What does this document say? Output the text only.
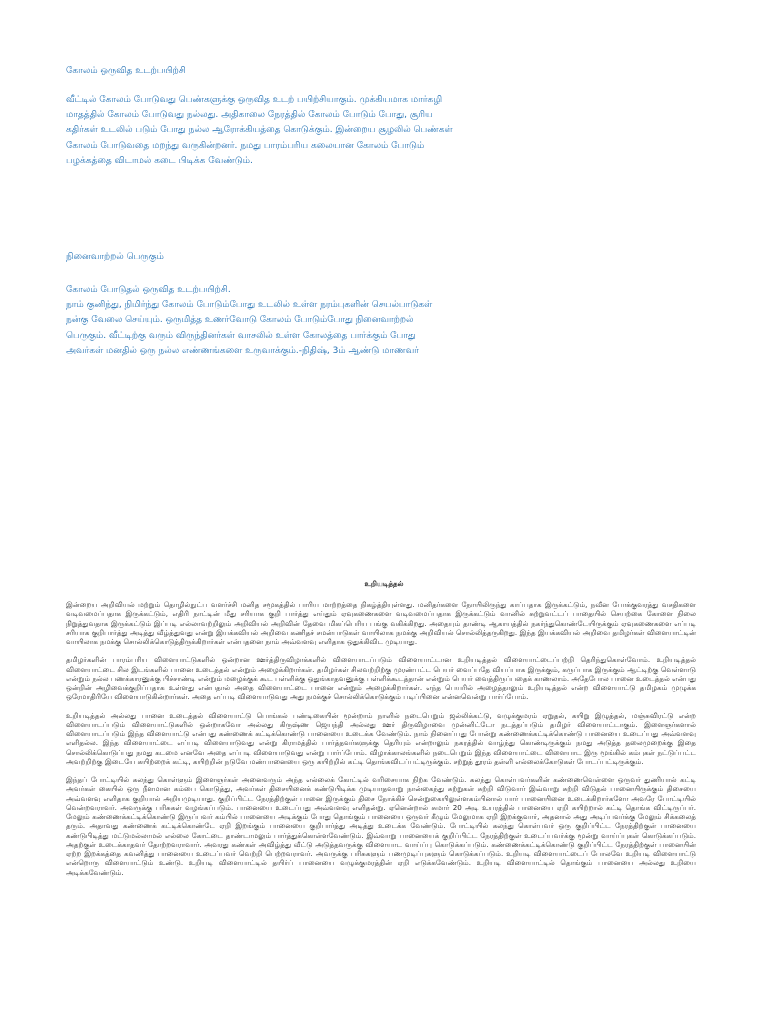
கோலம் ஒருவித உடற்பயிற்சி

வீட்டில் கோலம் போடுவது பெண்களுக்கு ஒருவித உடற் பயிற்சியாகும். முக்கியமாக மார்கழி மாதத்தில் கோலம் போடுவது நல்லது. அதிகாலை நேரத்தில் கோலம் போடும் போது, சூரிய கதிர்கள் உடலில் படும் போது நல்ல ஆரோக்கியத்தை கொடுக்கும். இன்றைய சூழலில் பெண்கள் கோலம் போடுவதை மறந்து வருகின்றனர். நமது பாரம்பரிய கலையான கோலம் போடும் பழக்கத்தை விடாமல் கடை பிடிக்க வேண்டும்.

நினைவாற்றல் பெருகும்
கோலம் போடுதல் ஒருவித உடற்பயிற்சி.
நாம் குனிந்து, நிமிர்ந்து கோலம் போடும்போது உடலில் உள்ள நரம்புகளின் செயல்பாடுகள்
நன்கு வேலை செய்யும். ஒருமித்த உணர்வோடு கோலம் போடும்போது நினைவாற்றல்
பெருகும். வீட்டிற்கு வரும் விருந்தினர்கள் வாசலில் உள்ள கோலத்தை பார்க்கும் போது
அவர்கள் மனதில் ஒரு நல்ல எண்ணங்களை உருவாக்கும்.-நிதிஷ், 3ம் ஆண்டு மாணவர்
உறியடித்தல்

இன்றைய அறிவியல் மற்றும் தொழில்நுட்ப வளர்ச்சி மனித சமூகத்தில் பாரிய மாற்றத்தை நிகழ்த்தியுள்ளது. மனிதர்களை நோயிலிருந்து காப்பதாக இருக்கட்டும், நவீன போக்குவரத்து வசதிகளை வடிவமைப்பதாக இருக்கட்டும், எதிரி நாட்டின் மீது சரியாக குறி பார்த்து எய்தும் ஏவுகணைகளை வடிவமைப்பதாக இருக்கட்டும் வானில் சுற்றுவட்டப் பாதையில் செயற்கை கோளை நிலை நிறுத்துவதாக இருக்கட்டும் இப்படி எல்லாவற்றிலும் அறிவியல் அறிவின் தேவை மிகப்பெரிய பங்கு வகிக்கிறது. அதையும் தாண்டி ஆகாயத்தில் நகர்ந்துகொண்டேயிருக்கும் ஏவுகணைகளை எப்படி சரியாக குறிபார்த்து அடித்து வீழ்த்துவது என்று இயக்கவியல் அறிவை கணிதச் சமன்பாடுகள் வாயிலாக நமக்கு அறிவியல் சொல்லித்தருகிறது. இந்த இயக்கவியல் அறிவை தமிழர்கள் விளையாட்டின் வாயிலாக நமக்கு சொல்லிக்கொடுத்திருக்கிறார்கள் என்பதனை நாம் அவ்வளவு எளிதாக ஒதுக்கிவிட முடியாது.

தமிழர்களின் பாரம்பரிய விளையாட்டுகளில் ஒன்றான ஊர்த்திருவிழாக்களில் விளையாடப்படும் விளையாட்டான உறியடித்தல் விளையாட்டைப்பற்றி தெரிந்துகொள்வோம். உறியடித்தல் விளையாட்டை சில இடங்களில் பானை உடைத்தல் என்றும் அழைக்கிறார்கள். தமிழர்கள் சிலவற்றிற்கு முரண்பட்ட பெயர் வைப்பதே வியப்பாக இருக்கும், கருப்பாக இருக்கும் ஆட்டிற்கு வெள்ளாடு என்றும் நல்ல பணக்காரனுக்கு பிச்சாண்டி என்றும் மழைக்குக் கூட பள்ளிக்கு ஒதுங்காதவனுக்கு பள்ளிக்கூடத்தான் என்றும் பெயர் வைத்திருப்பதைக் காணலாம். அதேபோல பானை உடைத்தல் என்பது ஒன்றின் அழிவைக்குறிப்பதாக உள்ளது என்பதால் அதை விளையாட்டை பானை என்றும் அழைக்கிறார்கள். எந்த பெயரில் அழைத்தாலும் உறியடித்தல் என்ற விளையாட்டு தமிழகம் முழுக்க ஒரேமாதிரியே விளையாடுகின்றார்கள். அதை எப்படி விளையாடுவது அது நமக்குச் சொல்லிக்கொடுக்கும் படிப்பினை என்னவென்று பார்ப்போம்.

உறியடித்தல் அல்லது பானை உடைத்தல் விளையாட்டு பொங்கல் பண்டிகையின் மூன்றாம் நாளில் நடைபெறும் ஜல்லிக்கட்டு, வழுக்குமரம் ஏறுதல், கயிறு இழுத்தல், மஞ்சுவிரட்டு என்ற விளையாடப்படும் விளையாட்டுகளில் ஒன்றாகவோ அல்லது கிருஷ்ண ஜெயந்தி அல்லது ஊர் திருவிழாவை முன்னிட்டோ நடத்தப்படும் தமிழர் விளையாட்டாகும். இளைஞர்களால் விளையாடப்படும் இந்த விளையாட்டு என்பது கண்ணைக் கட்டிக்கொண்டு பானையை உடைக்க வேண்டும். நாம் நினைப்பது போன்று கண்ணைக்கட்டிக்கொண்டு பானையை உடைப்பது அவ்வளவு எளிதல்ல. இந்த விளையாட்டை எப்படி விளையாடுவது என்று கிராமத்தில் பார்த்தவர்களுக்கு தெரியும் என்றாலும் நகரத்தில் வாழ்ந்து கொண்டிருக்கும் நமது அடுத்த தலைமுறைக்கு இதை சொல்லிக்கொடுப்பது நமது கடமை எனவே அதை எப்படி விளையாடுவது என்று பார்ப்போம். விழாக்காலங்களில் நடைபெறும் இந்த விளையாட்டை விளையாட இரு மூங்கில் கம்புகள் நட்டுப்பட்ட அவற்றிற்கு இடையே கயிற்றைக் கட்டி, கயிற்றின் நடுவே மண்பானையை ஒரு கயிற்றில் கட்டி தொங்கவிடப்பட்டிருக்கும். சற்றுத் தூரம் தள்ளி எல்லைக்கோடுகள் போடப்பட்டிருக்கும்.

இந்தப் போட்டியில் கலந்து கொள்ளும் இளைஞர்கள் அனைவரும் அந்த எல்லைக் கோட்டில் வரிசையாக நிற்க வேண்டும். கலந்து கொள்பவர்களின் கண்ணைவெள்ளை ஒருவர் துணியால் கட்டி அவர்கள் கையில் ஒரு நீளமான கம்பை கொடுத்து, அவர்கள் திசையினைக் கண்டுபிடிக்க முடியாதவாறு நான்கைந்து சுற்றுகள் சுற்றி விடுவார் இவ்வாறு சுற்றி விடுதல் பானையிருக்கும் திசையை அவ்வளவு எளிதாக குறியால் அறியமுடியாது. குறிப்பிட்ட நேரத்திற்குள் பானை இருக்கும் திசை நோக்கிச் சென்றுகையிலுள்ளகம்பினால் யார் பானையினை உடைக்கிறார்களோ அவரே போட்டியில் வென்றவராவர். அவருக்கு பரிசுகள் வழங்கப்படும். பானையை உடைப்பது அவ்வளவு எளிதன்று. ஏனென்றால் சுமார் 20 அடி உயரத்தில் பானையை ஏறி கயிற்றால் கட்டி தொங்க விட்டிருப்பர். மேலும் கண்ணைக்கட்டிக்கொண்டு இருப்பவர் கம்பில் பானையை அடிக்கும் போது தொங்கும் பானையை ஒருவர் கீழும் மேலுமாக ஏறி இறக்குவார், அதனால் அது அடிப்பவர்க்கு மேலும் சிக்கலைத் தரும். அதாவது கண்ணைக் கட்டிக்கொண்டே ஏறி இறங்கும் பானையை குறிபார்த்து அடித்து உடைக்க வேண்டும். போட்டியில் கலந்து கொள்பவர் ஒரு குறிப்பிட்ட நேரத்திற்குள் பானையை கண்டுபிடித்து மட்டுமல்லாமல் எல்லை கோட்டை தாண்டாமலும் பார்த்துக்கொள்ளவேண்டும். இவ்வாறு பானையைக் குறிப்பிட்ட நேரத்திற்குள் உடைப்பவர்க்கு மூன்று வாய்ப்புகள் கொடுக்கப்படும். அதற்குள் உடைக்காதவர் தோற்றவராவார். அவரது கண்கள் அவிழ்த்து வீட்டு அடுத்தவருக்கு விளையாட வாய்ப்பு கொடுக்கப்படும். கண்ணைக்கட்டிக்கொண்டு குறிப்பிட்ட நேரத்திற்குள் பானையின் ஏற்ற இறக்கத்தை கவனித்து பானையை உடைப்பவர் வெற்றி பெற்றவராவர். அவருக்கு பரிசுகளும் பணமுடிப்புகளும் கொடுக்கப்படும். உறியடி விளையாட்டைப் போலவே உறியடி விளையாட்டு என்றொரு விளையாட்டும் உண்டு. உறியடி விளையாட்டில் தயிர்ப் பானையை வழுக்குமரத்தின் ஏறி எடுக்கவேண்டும். உறியடி விளையாட்டில் தொங்கும் பானையை அல்லது உறியை அடிக்கவேண்டும்.
